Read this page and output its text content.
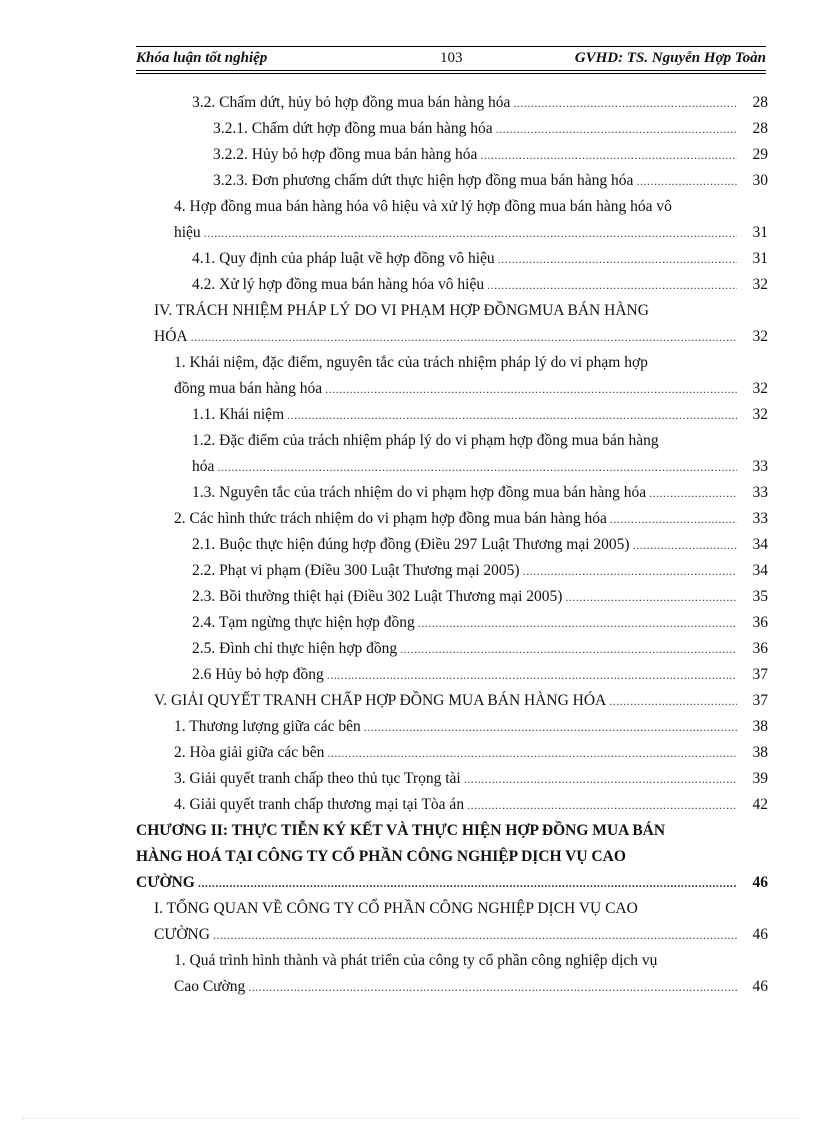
Khóa luận tốt nghiệp	103	GVHD: TS. Nguyễn Hợp Toàn
3.2. Chấm dứt, hủy bỏ hợp đồng mua bán hàng hóa .....	28
3.2.1. Chấm dứt hợp đồng mua bán hàng hóa .....	28
3.2.2. Hủy bỏ hợp đồng mua bán hàng hóa .....	29
3.2.3. Đơn phương chấm dứt thực hiện hợp đồng mua bán hàng hóa .....	30
4. Hợp đồng mua bán hàng hóa vô hiệu và xử lý hợp đồng mua bán hàng hóa vô
hiệu .....	31
4.1. Quy định của pháp luật về hợp đồng vô hiệu .....	31
4.2. Xử lý hợp đồng mua bán hàng hóa vô hiệu .....	32
IV. TRÁCH NHIỆM PHÁP LÝ DO VI PHẠM HỢP ĐỒNGMUA BÁN HÀNG
HÓA .....	32
1. Khái niệm, đặc điểm, nguyên tắc của trách nhiệm pháp lý do vi phạm hợp
đồng mua bán hàng hóa .....	32
1.1. Khái niệm .....	32
1.2. Đặc điểm của trách nhiệm pháp lý do vi phạm hợp đồng mua bán hàng
hóa .....	33
1.3. Nguyên tắc của trách nhiệm do vi phạm hợp đồng mua bán hàng hóa .....	33
2. Các hình thức trách nhiệm do vi phạm hợp đồng mua bán hàng hóa .....	33
2.1. Buộc thực hiện đúng hợp đồng (Điều 297 Luật Thương mại 2005) .....	34
2.2. Phạt vi phạm (Điều 300 Luật Thương mại 2005) .....	34
2.3. Bồi thường thiệt hại (Điều 302 Luật Thương mại 2005) .....	35
2.4. Tạm ngừng thực hiện hợp đồng .....	36
2.5. Đình chỉ thực hiện hợp đồng .....	36
2.6 Hủy bỏ hợp đồng .....	37
V. GIẢI QUYẾT TRANH CHẤP HỢP ĐỒNG MUA BÁN HÀNG HÓA .....	37
1. Thương lượng giữa các bên .....	38
2. Hòa giải giữa các bên .....	38
3. Giải quyết tranh chấp theo thủ tục Trọng tài .....	39
4. Giải quyết tranh chấp thương mại tại Tòa án .....	42
CHƯƠNG II: THỰC TIỄN KÝ KẾT VÀ THỰC HIỆN HỢP ĐỒNG MUA BÁN
HÀNG HOÁ TẠI CÔNG TY CỔ PHẦN CÔNG NGHIỆP DỊCH VỤ CAO
CƯỜNG .....	46
I. TỔNG QUAN VỀ CÔNG TY CỔ PHẦN CÔNG NGHIỆP DỊCH VỤ CAO
CƯỜNG .....	46
1. Quá trình hình thành và phát triển của công ty cổ phần công nghiệp dịch vụ
Cao Cường .....	46
